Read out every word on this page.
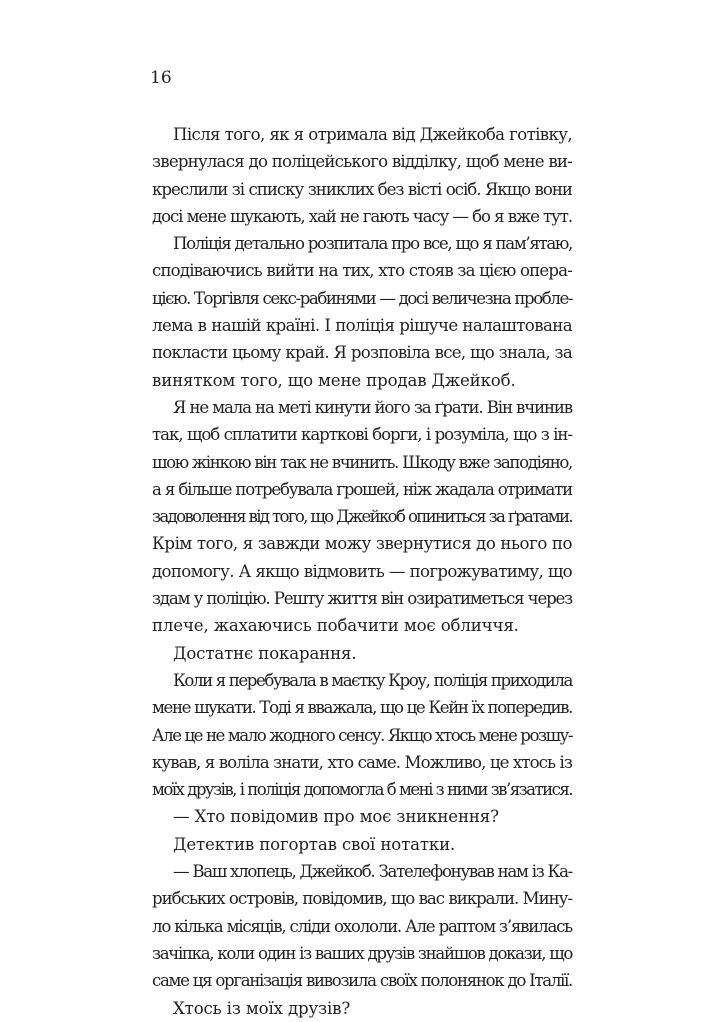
16
Після того, як я отримала від Джейкоба готівку,
звернулася до поліцейського відділку, щоб мене ви-
креслили зі списку зниклих без вісті осіб. Якщо вони
досі мене шукають, хай не гають часу — бо я вже тут.
Поліція детально розпитала про все, що я пам’ятаю,
сподіваючись вийти на тих, хто стояв за цією опера-
цією. Торгівля секс-рабинями — досі величезна пробле-
лема в нашій країні. І поліція рішуче налаштована
покласти цьому край. Я розповіла все, що знала, за
винятком того, що мене продав Джейкоб.
Я не мала на меті кинути його за ґрати. Він вчинив
так, щоб сплатити карткові борги, і розуміла, що з ін-
шою жінкою він так не вчинить. Шкоду вже заподіяно,
а я більше потребувала грошей, ніж жадала отримати
задоволення від того, що Джейкоб опиниться за ґратами.
Крім того, я завжди можу звернутися до нього по
допомогу. А якщо відмовить — погрожуватиму, що
здам у поліцію. Решту життя він озиратиметься через
плече, жахаючись побачити моє обличчя.
Достатнє покарання.
Коли я перебувала в маєтку Кроу, поліція приходила
мене шукати. Тоді я вважала, що це Кейн їх попередив.
Але це не мало жодного сенсу. Якщо хтось мене розшу-
кував, я воліла знати, хто саме. Можливо, це хтось із
моїх друзів, і поліція допомогла б мені з ними зв’язатися.
— Хто повідомив про моє зникнення?
Детектив погортав свої нотатки.
— Ваш хлопець, Джейкоб. Зателефонував нам із Ка-
рибських островів, повідомив, що вас викрали. Мину-
ло кілька місяців, сліди охололи. Але раптом з’явилась
зачіпка, коли один із ваших друзів знайшов докази, що
саме ця організація вивозила своїх полонянок до Італії.
Хтось із моїх друзів?
